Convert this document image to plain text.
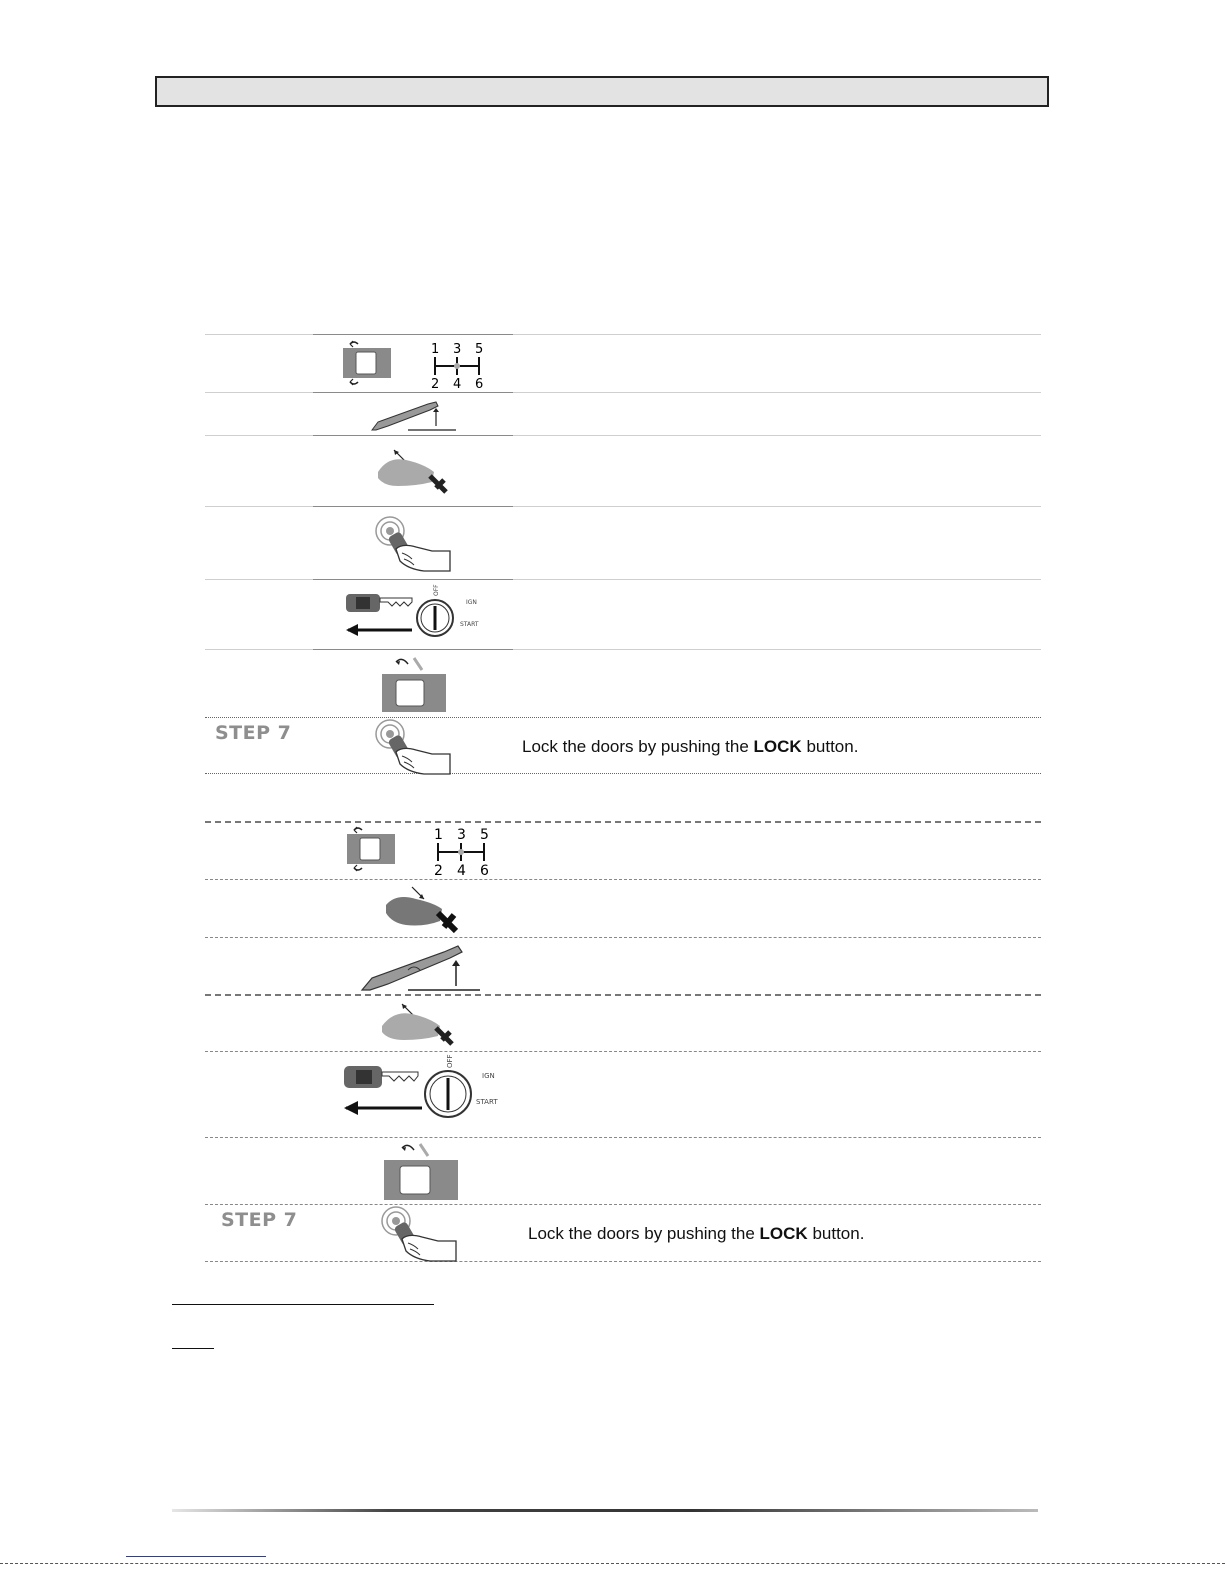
1 3 5
2 4 6
OFF
IGN
START
STEP 7
Lock the doors by pushing the LOCK button.
1 3 5
2 4 6
OFF
IGN
START
STEP 7
Lock the doors by pushing the LOCK button.
